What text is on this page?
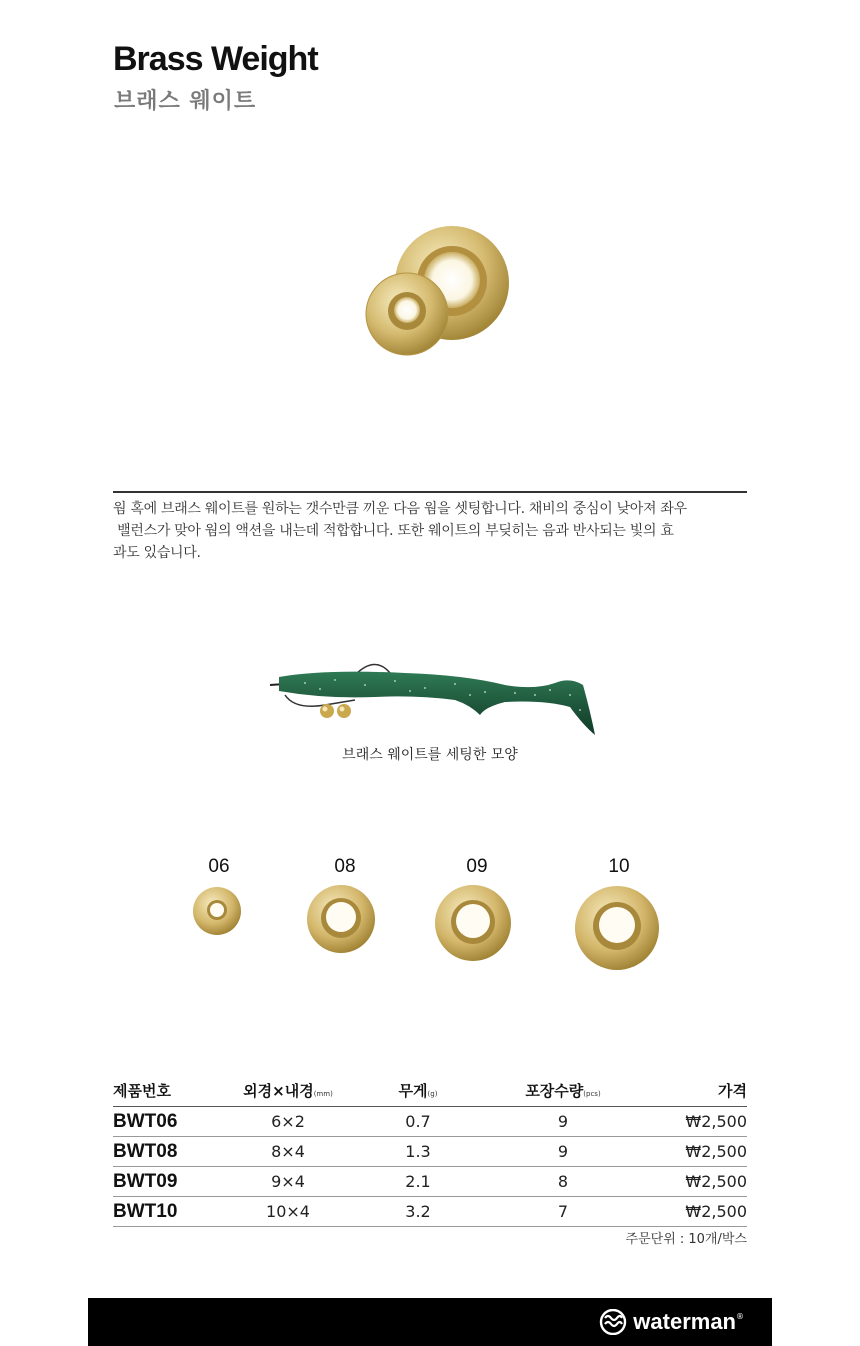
Brass Weight
브래스 웨이트

웜 혹에 브래스 웨이트를 원하는 갯수만큼 끼운 다음 웜을 셋팅합니다. 채비의 중심이 낮아져 좌우

밸런스가 맞아 웜의 액션을 내는데 적합합니다. 또한 웨이트의 부딪히는 음과 반사되는 빛의 효

과도 있습니다.

브래스 웨이트를 세팅한 모양
06	08	09	10
제품번호	외경×내경(mm)	무게(g)	포장수량(pcs)	가격
BWT06	6×2	0.7	9	₩2,500
BWT08	8×4	1.3	9	₩2,500
BWT09	9×4	2.1	8	₩2,500
BWT10	10×4	3.2	7	₩2,500
주문단위 : 10개/박스
waterman ®
